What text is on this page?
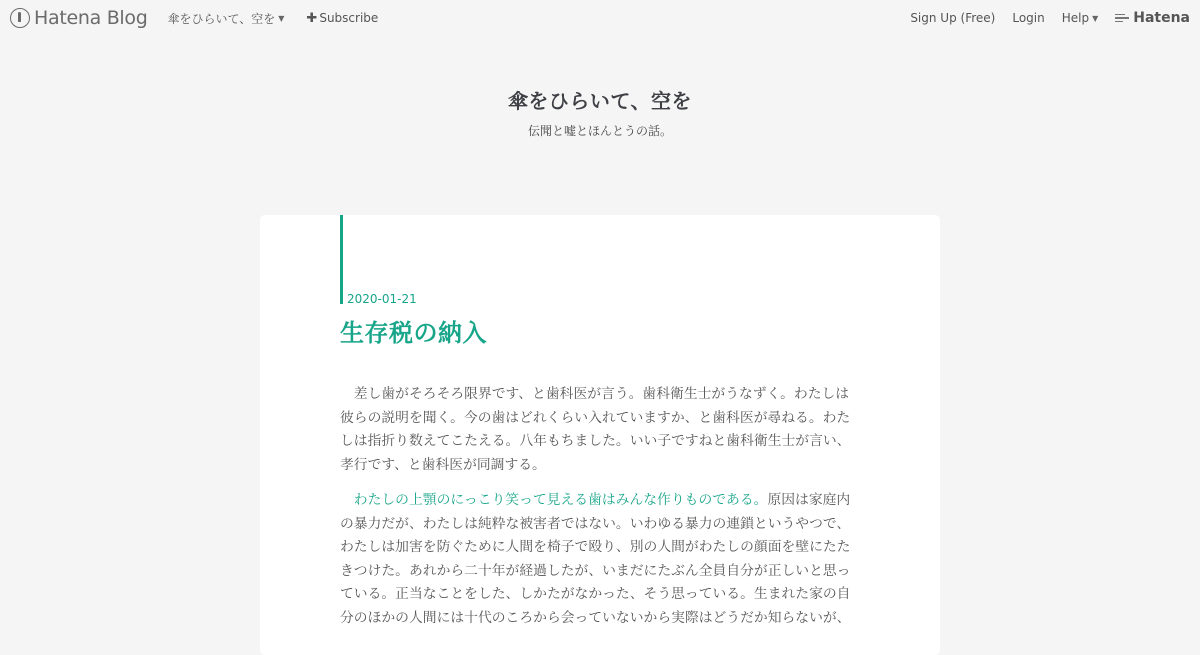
Hatena Blog 傘をひらいて、空を ▼ ✚ Subscribe	Sign Up (Free) Login Help ▼	Hatena
傘をひらいて、空を
伝聞と嘘とほんとうの話。
2020-01-21
生存税の納入

差し歯がそろそろ限界です、と歯科医が言う。歯科衛生士がうなずく。わたしは彼らの説明を聞く。今の歯はどれくらい入れていますか、と歯科医が尋ねる。わたしは指折り数えてこたえる。八年もちました。いい子ですねと歯科衛生士が言い、孝行です、と歯科医が同調する。

わたしの上顎のにっこり笑って見える歯はみんな作りものである。原因は家庭内の暴力だが、わたしは純粋な被害者ではない。いわゆる暴力の連鎖というやつで、わたしは加害を防ぐために人間を椅子で殴り、別の人間がわたしの顔面を壁にたたきつけた。あれから二十年が経過したが、いまだにたぶん全員自分が正しいと思っている。正当なことをした、しかたがなかった、そう思っている。生まれた家の自分のほかの人間には十代のころから会っていないから実際はどうだか知らないが、
